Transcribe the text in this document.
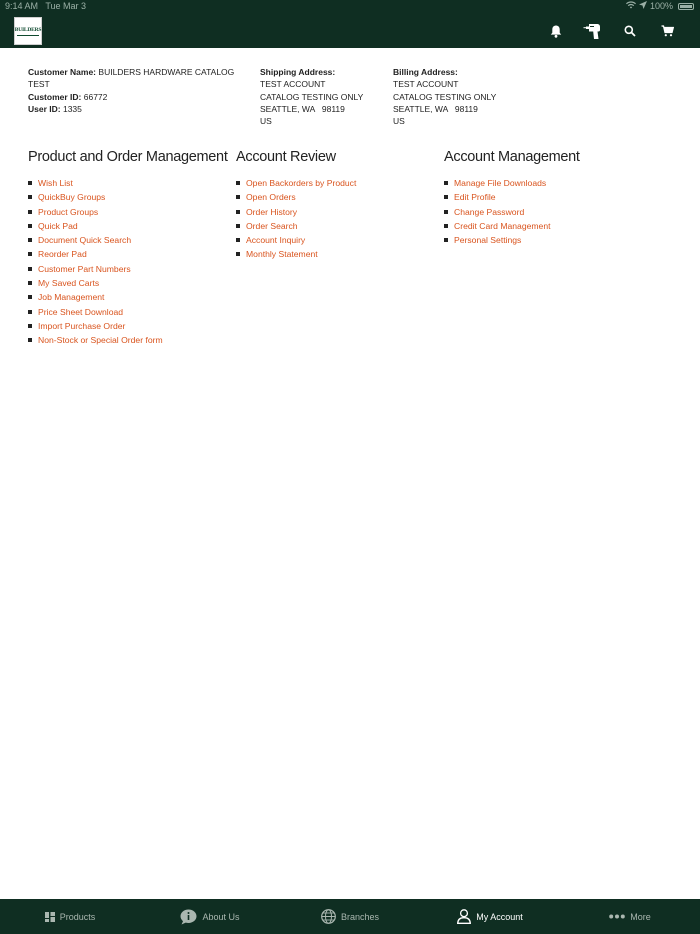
9:14 AM Tue Mar 3	100%
BUILDERS
Customer Name: BUILDERS HARDWARE CATALOG
TEST
Customer ID: 66772
User ID: 1335
Shipping Address:
TEST ACCOUNT
CATALOG TESTING ONLY
SEATTLE, WA   98119
US
Billing Address:
TEST ACCOUNT
CATALOG TESTING ONLY
SEATTLE, WA   98119
US
Product and Order Management
Wish List
QuickBuy Groups
Product Groups
Quick Pad
Document Quick Search
Reorder Pad
Customer Part Numbers
My Saved Carts
Job Management
Price Sheet Download
Import Purchase Order
Non-Stock or Special Order form
Account Review
Open Backorders by Product
Open Orders
Order History
Order Search
Account Inquiry
Monthly Statement
Account Management
Manage File Downloads
Edit Profile
Change Password
Credit Card Management
Personal Settings
Products	About Us	Branches	My Account	More
